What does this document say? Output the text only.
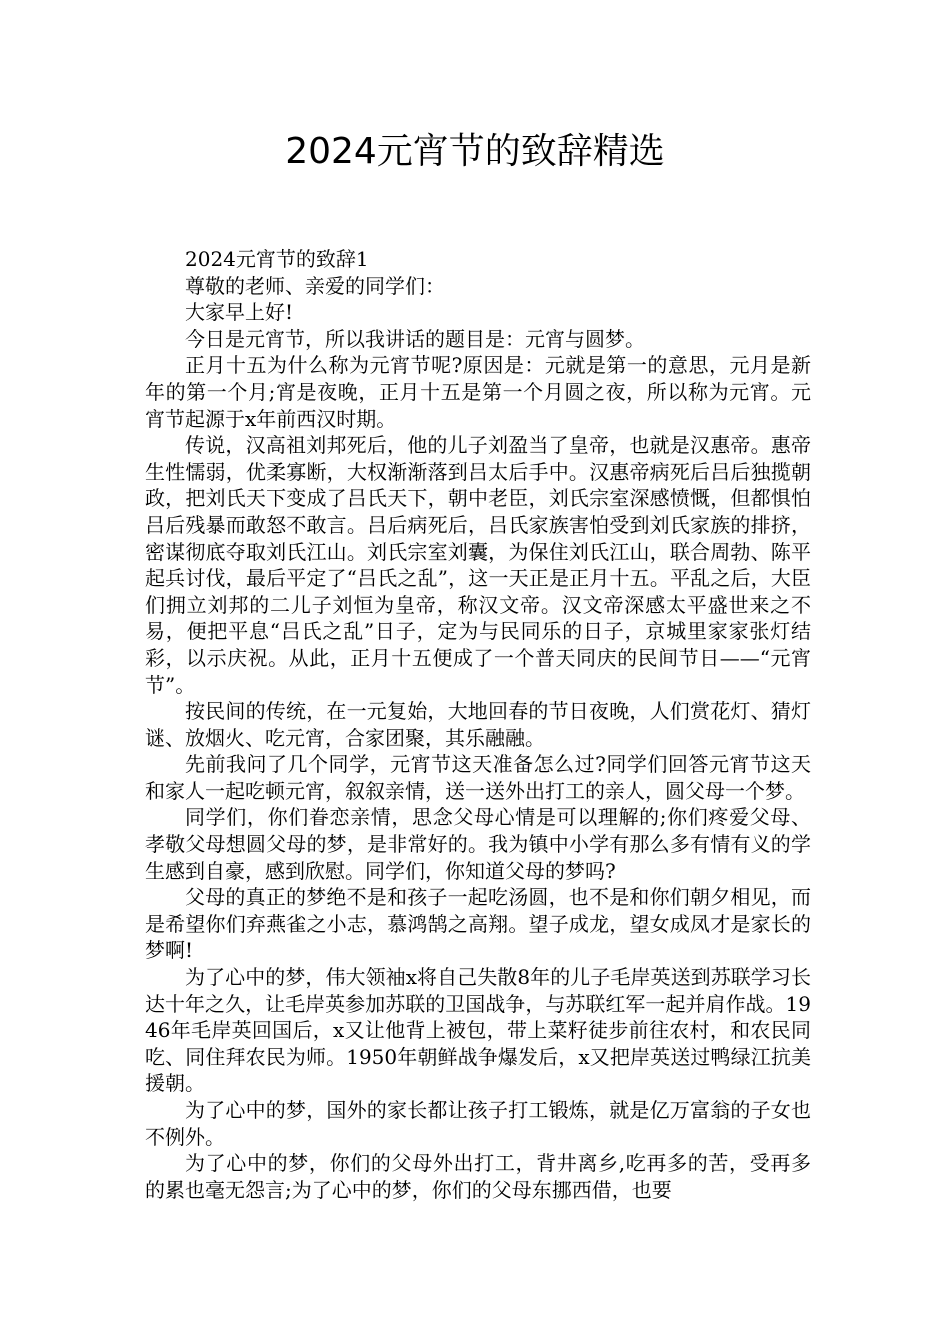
2024元宵节的致辞精选

2024元宵节的致辞1

尊敬的老师、亲爱的同学们：

大家早上好!

今日是元宵节，所以我讲话的题目是：元宵与圆梦。

正月十五为什么称为元宵节呢?原因是：元就是第一的意思，元月是新年的第一个月;宵是夜晚，正月十五是第一个月圆之夜，所以称为元宵。元宵节起源于x年前西汉时期。

传说，汉高祖刘邦死后，他的儿子刘盈当了皇帝，也就是汉惠帝。惠帝生性懦弱，优柔寡断，大权渐渐落到吕太后手中。汉惠帝病死后吕后独揽朝政，把刘氏天下变成了吕氏天下，朝中老臣，刘氏宗室深感愤慨，但都惧怕吕后残暴而敢怒不敢言。吕后病死后，吕氏家族害怕受到刘氏家族的排挤，密谋彻底夺取刘氏江山。刘氏宗室刘囊，为保住刘氏江山，联合周勃、陈平起兵讨伐，最后平定了“吕氏之乱”，这一天正是正月十五。平乱之后，大臣们拥立刘邦的二儿子刘恒为皇帝，称汉文帝。汉文帝深感太平盛世来之不易，便把平息“吕氏之乱”日子，定为与民同乐的日子，京城里家家张灯结彩，以示庆祝。从此，正月十五便成了一个普天同庆的民间节日——“元宵节”。

按民间的传统，在一元复始，大地回春的节日夜晚，人们赏花灯、猜灯谜、放烟火、吃元宵，合家团聚，其乐融融。

先前我问了几个同学，元宵节这天准备怎么过?同学们回答元宵节这天和家人一起吃顿元宵，叙叙亲情，送一送外出打工的亲人，圆父母一个梦。

同学们，你们眷恋亲情，思念父母心情是可以理解的;你们疼爱父母、孝敬父母想圆父母的梦，是非常好的。我为镇中小学有那么多有情有义的学生感到自豪，感到欣慰。同学们，你知道父母的梦吗?

父母的真正的梦绝不是和孩子一起吃汤圆，也不是和你们朝夕相见，而是希望你们弃燕雀之小志，慕鸿鹄之高翔。望子成龙，望女成凤才是家长的梦啊!

为了心中的梦，伟大领袖x将自己失散8年的儿子毛岸英送到苏联学习长达十年之久，让毛岸英参加苏联的卫国战争，与苏联红军一起并肩作战。1946年毛岸英回国后，x又让他背上被包，带上菜籽徒步前往农村，和农民同吃、同住拜农民为师。1950年朝鲜战争爆发后，x又把岸英送过鸭绿江抗美援朝。

为了心中的梦，国外的家长都让孩子打工锻炼，就是亿万富翁的子女也不例外。

为了心中的梦，你们的父母外出打工，背井离乡,吃再多的苦，受再多的累也毫无怨言;为了心中的梦，你们的父母东挪西借，也要
